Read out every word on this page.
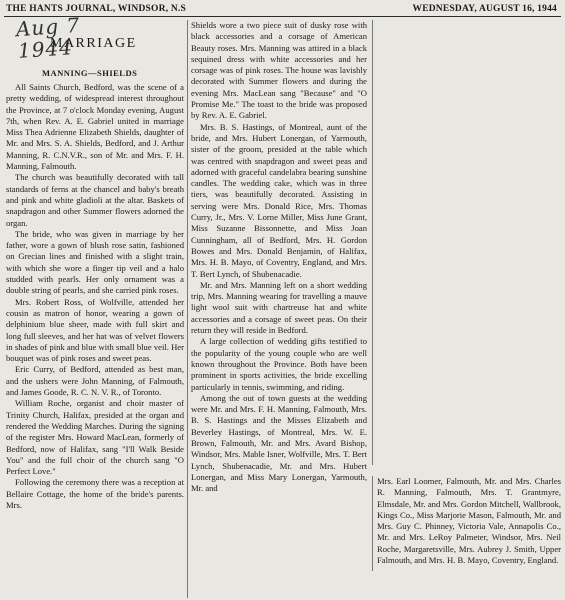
THE HANTS JOURNAL, WINDSOR, N.S	WEDNESDAY, AUGUST 16, 1944
Aug 7
1944
MARRIAGE
MANNING—SHIELDS

All Saints Church, Bedford, was the scene of a pretty wedding, of widespread interest throughout the Province, at 7 o'clock Monday evening, August 7th, when Rev. A. E. Gabriel united in marriage Miss Thea Adrienne Elizabeth Shields, daughter of Mr. and Mrs. S. A. Shields, Bedford, and J. Arthur Manning, R. C.N.V.R., son of Mr. and Mrs. F. H. Manning, Falmouth.

The church was beautifully decorated with tall standards of ferns at the chancel and baby's breath and pink and white gladioli at the altar. Baskets of snapdragon and other Summer flowers adorned the organ.

The bride, who was given in marriage by her father, wore a gown of blush rose satin, fashioned on Grecian lines and finished with a slight train, with which she wore a finger tip veil and a halo studded with pearls. Her only ornament was a double string of pearls, and she carried pink roses.

Mrs. Robert Ross, of Wolfville, attended her cousin as matron of honor, wearing a gown of delphinium blue sheer, made with full skirt and long full sleeves, and her hat was of velvet flowers in shades of pink and blue with small blue veil. Her bouquet was of pink roses and sweet peas.

Eric Curry, of Bedford, attended as best man, and the ushers were John Manning, of Falmouth, and James Goode, R. C. N. V. R., of Toronto.

William Roche, organist and choir master of Trinity Church, Halifax, presided at the organ and rendered the Wedding Marches. During the signing of the register Mrs. Howard MacLean, formerly of Bedford, now of Halifax, sang "I'll Walk Beside You" and the full choir of the church sang "O Perfect Love."

Following the ceremony there was a reception at Bellaire Cottage, the home of the bride's parents. Mrs.

Shields wore a two piece suit of dusky rose with black accessories and a corsage of American Beauty roses. Mrs. Manning was attired in a black sequined dress with white accessories and her corsage was of pink roses. The house was lavishly decorated with Summer flowers and during the evening Mrs. MacLean sang "Because" and "O Promise Me." The toast to the bride was proposed by Rev. A. E. Gabriel.

Mrs. B. S. Hastings, of Montreal, aunt of the bride, and Mrs. Hubert Lonergan, of Yarmouth, sister of the groom, presided at the table which was centred with snapdragon and sweet peas and adorned with graceful candelabra bearing sunshine candles. The wedding cake, which was in three tiers, was beautifully decorated. Assisting in serving were Mrs. Donald Rice, Mrs. Thomas Curry, Jr., Mrs. V. Lorne Miller, Miss June Grant, Miss Suzanne Bissonnette, and Miss Joan Cunningham, all of Bedford, Mrs. H. Gordon Bowes and Mrs. Donald Benjamin, of Halifax, Mrs. H. B. Mayo, of Coventry, England, and Mrs. T. Bert Lynch, of Shubenacadie.

Mr. and Mrs. Manning left on a short wedding trip, Mrs. Manning wearing for travelling a mauve light wool suit with chartreuse hat and white accessories and a corsage of sweet peas. On their return they will reside in Bedford.

A large collection of wedding gifts testified to the popularity of the young couple who are well known throughout the Province. Both have been prominent in sports activities, the bride excelling particularly in tennis, swimming, and riding.

Among the out of town guests at the wedding were Mr. and Mrs. F. H. Manning, Falmouth, Mrs. B. S. Hastings and the Misses Elizabeth and Beverley Hastings, of Montreal, Mrs. W. E. Brown, Falmouth, Mr. and Mrs. Avard Bishop, Windsor, Mrs. Mable Isner, Wolfville, Mrs. T. Bert Lynch, Shubenacadie, Mr. and Mrs. Hubert Lonergan, and Miss Mary Lonergan, Yarmouth, Mr. and

Mrs. Earl Loomer, Falmouth, Mr. and Mrs. Charles R. Manning, Falmouth, Mrs. T. Grantmyre, Elmsdale, Mr. and Mrs. Gordon Mitchell, Wallbrook, Kings Co., Miss Marjorie Mason, Falmouth, Mr. and Mrs. Guy C. Phinney, Victoria Vale, Annapolis Co., Mr. and Mrs. LeRoy Palmeter, Windsor, Mrs. Neil Roche, Margaretsville, Mrs. Aubrey J. Smith, Upper Falmouth, and Mrs. H. B. Mayo, Coventry, England.
